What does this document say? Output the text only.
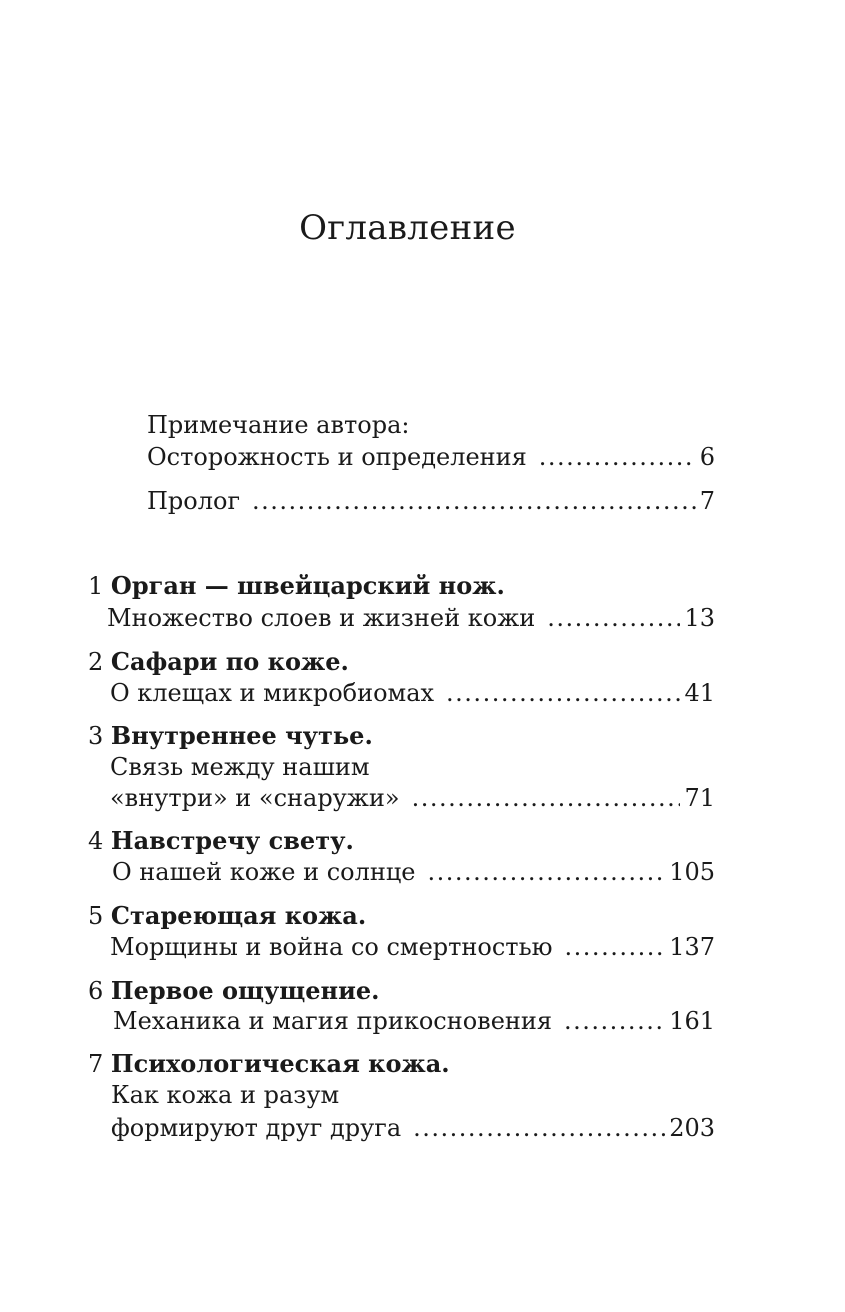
Оглавление
Примечание автора:
Осторожность и определения .....	6
Пролог .....	7
1 Орган — швейцарский нож.
Множество слоев и жизней кожи .....	13
2 Сафари по коже.
О клещах и микробиомах .....	41
3 Внутреннее чутье.
Связь между нашим
«внутри» и «снаружи» .....	71
4 Навстречу свету.
О нашей коже и солнце .....	105
5 Стареющая кожа.
Морщины и война со смертностью .....	137
6 Первое ощущение.
Механика и магия прикосновения .....	161
7 Психологическая кожа.
Как кожа и разум
формируют друг друга .....	203
